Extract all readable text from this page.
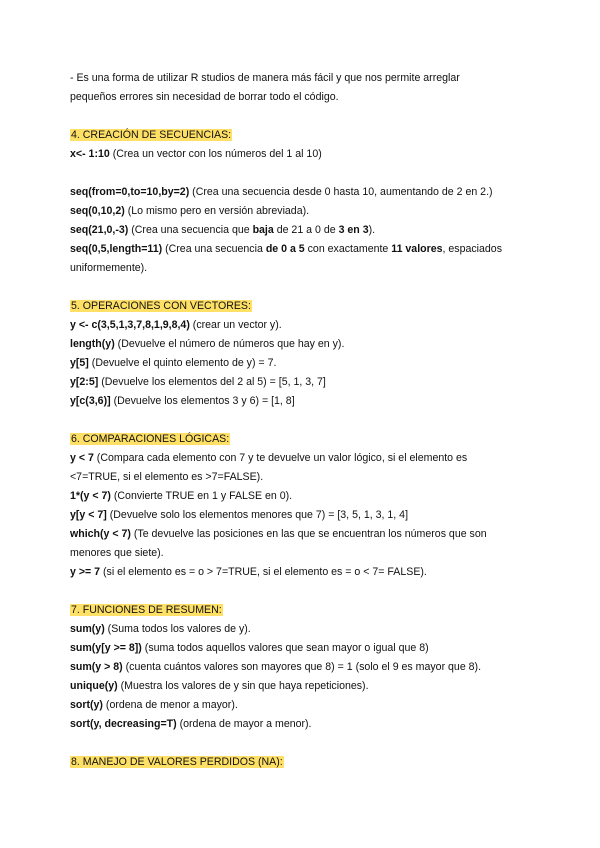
- Es una forma de utilizar R studios de manera más fácil y que nos permite arreglar
pequeños errores sin necesidad de borrar todo el código.
4. CREACIÓN DE SECUENCIAS:
x<- 1:10 (Crea un vector con los números del 1 al 10)
seq(from=0,to=10,by=2) (Crea una secuencia desde 0 hasta 10, aumentando de 2 en 2.)
seq(0,10,2) (Lo mismo pero en versión abreviada).
seq(21,0,-3) (Crea una secuencia que baja de 21 a 0 de 3 en 3).
seq(0,5,length=11) (Crea una secuencia de 0 a 5 con exactamente 11 valores, espaciados
uniformemente).
5. OPERACIONES CON VECTORES:
y <- c(3,5,1,3,7,8,1,9,8,4) (crear un vector y).
length(y) (Devuelve el número de números que hay en y).
y[5] (Devuelve el quinto elemento de y) = 7.
y[2:5] (Devuelve los elementos del 2 al 5) = [5, 1, 3, 7]
y[c(3,6)] (Devuelve los elementos 3 y 6) = [1, 8]
6. COMPARACIONES LÓGICAS:
y < 7 (Compara cada elemento con 7 y te devuelve un valor lógico, si el elemento es
<7=TRUE, si el elemento es >7=FALSE).
1*(y < 7) (Convierte TRUE en 1 y FALSE en 0).
y[y < 7] (Devuelve solo los elementos menores que 7) = [3, 5, 1, 3, 1, 4]
which(y < 7) (Te devuelve las posiciones en las que se encuentran los números que son
menores que siete).
y >= 7 (si el elemento es = o > 7=TRUE, si el elemento es = o < 7= FALSE).
7. FUNCIONES DE RESUMEN:
sum(y) (Suma todos los valores de y).
sum(y[y >= 8]) (suma todos aquellos valores que sean mayor o igual que 8)
sum(y > 8) (cuenta cuántos valores son mayores que 8) = 1 (solo el 9 es mayor que 8).
unique(y) (Muestra los valores de y sin que haya repeticiones).
sort(y) (ordena de menor a mayor).
sort(y, decreasing=T) (ordena de mayor a menor).
8. MANEJO DE VALORES PERDIDOS (NA):
